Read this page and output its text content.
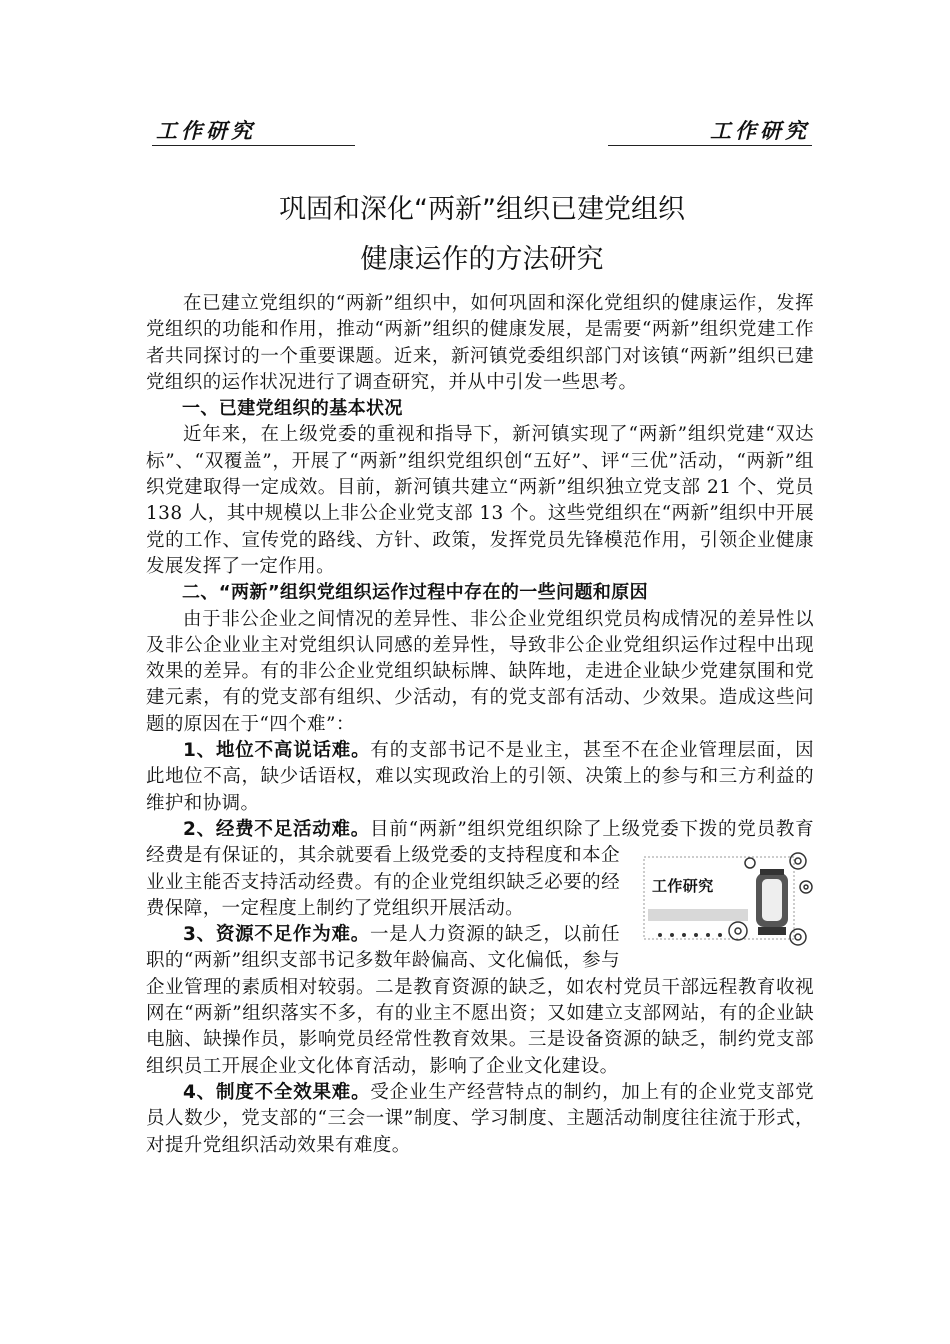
工作研究	工作研究
巩固和深化“两新”组织已建党组织
健康运作的方法研究

在已建立党组织的“两新”组织中，如何巩固和深化党组织的健康运作，发挥党组织的功能和作用，推动“两新”组织的健康发展，是需要“两新”组织党建工作者共同探讨的一个重要课题。近来，新河镇党委组织部门对该镇“两新”组织已建党组织的运作状况进行了调查研究，并从中引发一些思考。

一、已建党组织的基本状况

近年来，在上级党委的重视和指导下，新河镇实现了“两新”组织党建“双达标”、“双覆盖”，开展了“两新”组织党组织创“五好”、评“三优”活动，“两新”组织党建取得一定成效。目前，新河镇共建立“两新”组织独立党支部 21 个、党员 138 人，其中规模以上非公企业党支部 13 个。这些党组织在“两新”组织中开展党的工作、宣传党的路线、方针、政策，发挥党员先锋模范作用，引领企业健康发展发挥了一定作用。

二、“两新”组织党组织运作过程中存在的一些问题和原因

由于非公企业之间情况的差异性、非公企业党组织党员构成情况的差异性以及非公企业业主对党组织认同感的差异性，导致非公企业党组织运作过程中出现效果的差异。有的非公企业党组织缺标牌、缺阵地，走进企业缺少党建氛围和党建元素，有的党支部有组织、少活动，有的党支部有活动、少效果。造成这些问题的原因在于“四个难”：

1、地位不高说话难。有的支部书记不是业主，甚至不在企业管理层面，因此地位不高，缺少话语权，难以实现政治上的引领、决策上的参与和三方利益的维护和协调。

2、经费不足活动难。目前“两新”组织党组织除了上级党委下拨
工作研究
的党员教育经费是有保证的，其余就要看上级党委的支持程度和本企业业主能否支持活动经费。有的企业党组织缺乏必要的经费保障，一定程度上制约了党组织开展活动。

3、资源不足作为难。一是人力资源的缺乏，以前任职的“两新”组织支部书记多数年龄偏高、文化偏低，参与企业管理的素质相对较弱。二是教育资源的缺乏，如农村党员干部远程教育收视网在“两新”组织落实不多，有的业主不愿出资；又如建立支部网站，有的企业缺电脑、缺操作员，影响党员经常性教育效果。三是设备资源的缺乏，制约党支部组织员工开展企业文化体育活动，影响了企业文化建设。

4、制度不全效果难。受企业生产经营特点的制约，加上有的企业党支部党员人数少，党支部的“三会一课”制度、学习制度、主题活动制度往往流于形式，对提升党组织活动效果有难度。
